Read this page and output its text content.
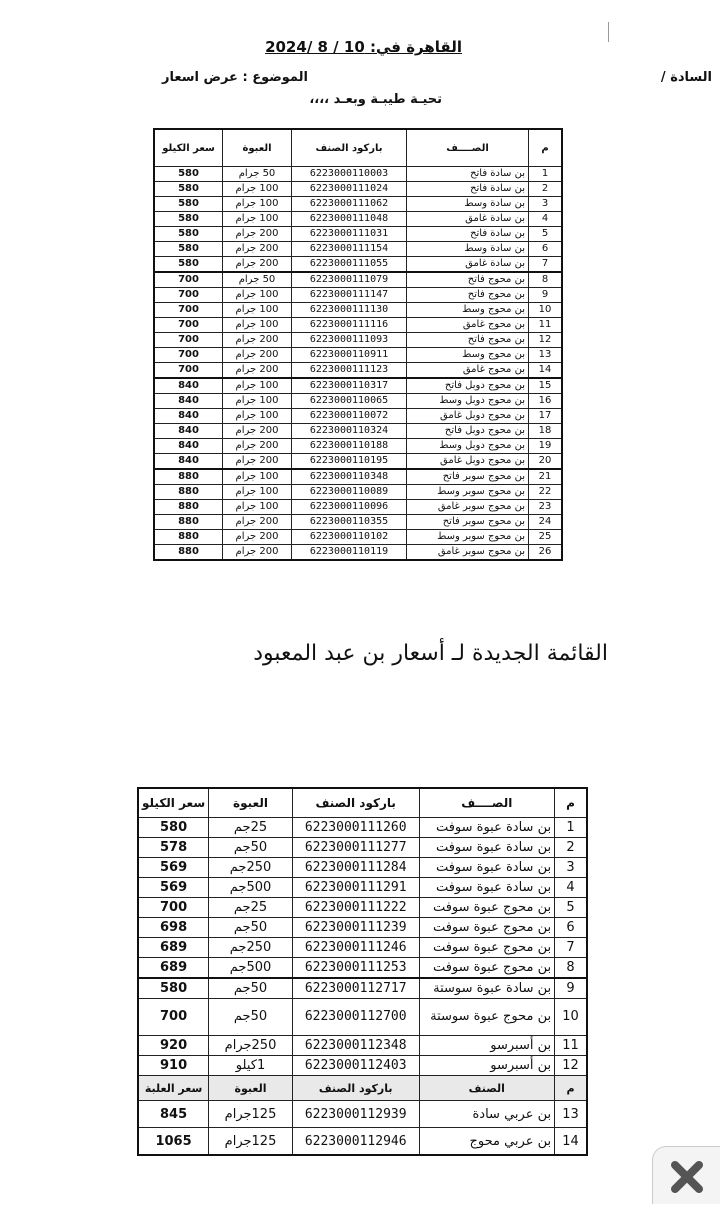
القاهرة في: 10 / 8 /2024
السادة /
الموضوع : عرض اسعار
تحيـة طيبـة وبعـد ،،،،
م	الصــــف	باركود الصنف	العبوة	سعر الكيلو
1	بن سادة فاتح	6223000110003	50 جرام	580
2	بن سادة فاتح	6223000111024	100 جرام	580
3	بن سادة وسط	6223000111062	100 جرام	580
4	بن سادة غامق	6223000111048	100 جرام	580
5	بن سادة فاتح	6223000111031	200 جرام	580
6	بن سادة وسط	6223000111154	200 جرام	580
7	بن سادة غامق	6223000111055	200 جرام	580
8	بن محوج فاتح	6223000111079	50 جرام	700
9	بن محوج فاتح	6223000111147	100 جرام	700
10	بن محوج وسط	6223000111130	100 جرام	700
11	بن محوج غامق	6223000111116	100 جرام	700
12	بن محوج فاتح	6223000111093	200 جرام	700
13	بن محوج وسط	6223000110911	200 جرام	700
14	بن محوج غامق	6223000111123	200 جرام	700
15	بن محوج دوبل فاتح	6223000110317	100 جرام	840
16	بن محوج دوبل وسط	6223000110065	100 جرام	840
17	بن محوج دوبل غامق	6223000110072	100 جرام	840
18	بن محوج دوبل فاتح	6223000110324	200 جرام	840
19	بن محوج دوبل وسط	6223000110188	200 جرام	840
20	بن محوج دوبل غامق	6223000110195	200 جرام	840
21	بن محوج سوبر فاتح	6223000110348	100 جرام	880
22	بن محوج سوبر وسط	6223000110089	100 جرام	880
23	بن محوج سوبر غامق	6223000110096	100 جرام	880
24	بن محوج سوبر فاتح	6223000110355	200 جرام	880
25	بن محوج سوبر وسط	6223000110102	200 جرام	880
26	بن محوج سوبر غامق	6223000110119	200 جرام	880
القائمة الجديدة لـ أسعار بن عبد المعبود
م	الصــــف	باركود الصنف	العبوة	سعر الكيلو
1	بن سادة عبوة سوفت	6223000111260	25جم	580
2	بن سادة عبوة سوفت	6223000111277	50جم	578
3	بن سادة عبوة سوفت	6223000111284	250جم	569
4	بن سادة عبوة سوفت	6223000111291	500جم	569
5	بن محوج عبوة سوفت	6223000111222	25جم	700
6	بن محوج عبوة سوفت	6223000111239	50جم	698
7	بن محوج عبوة سوفت	6223000111246	250جم	689
8	بن محوج عبوة سوفت	6223000111253	500جم	689
9	بن سادة عبوة سوستة	6223000112717	50جم	580
10	بن محوج عبوة سوستة	6223000112700	50جم	700
11	بن أسبرسو	6223000112348	250جرام	920
12	بن أسبرسو	6223000112403	1كيلو	910
م	الصنف	باركود الصنف	العبوة	سعر العلبة
13	بن عربي سادة	6223000112939	125جرام	845
14	بن عربي محوج	6223000112946	125جرام	1065
